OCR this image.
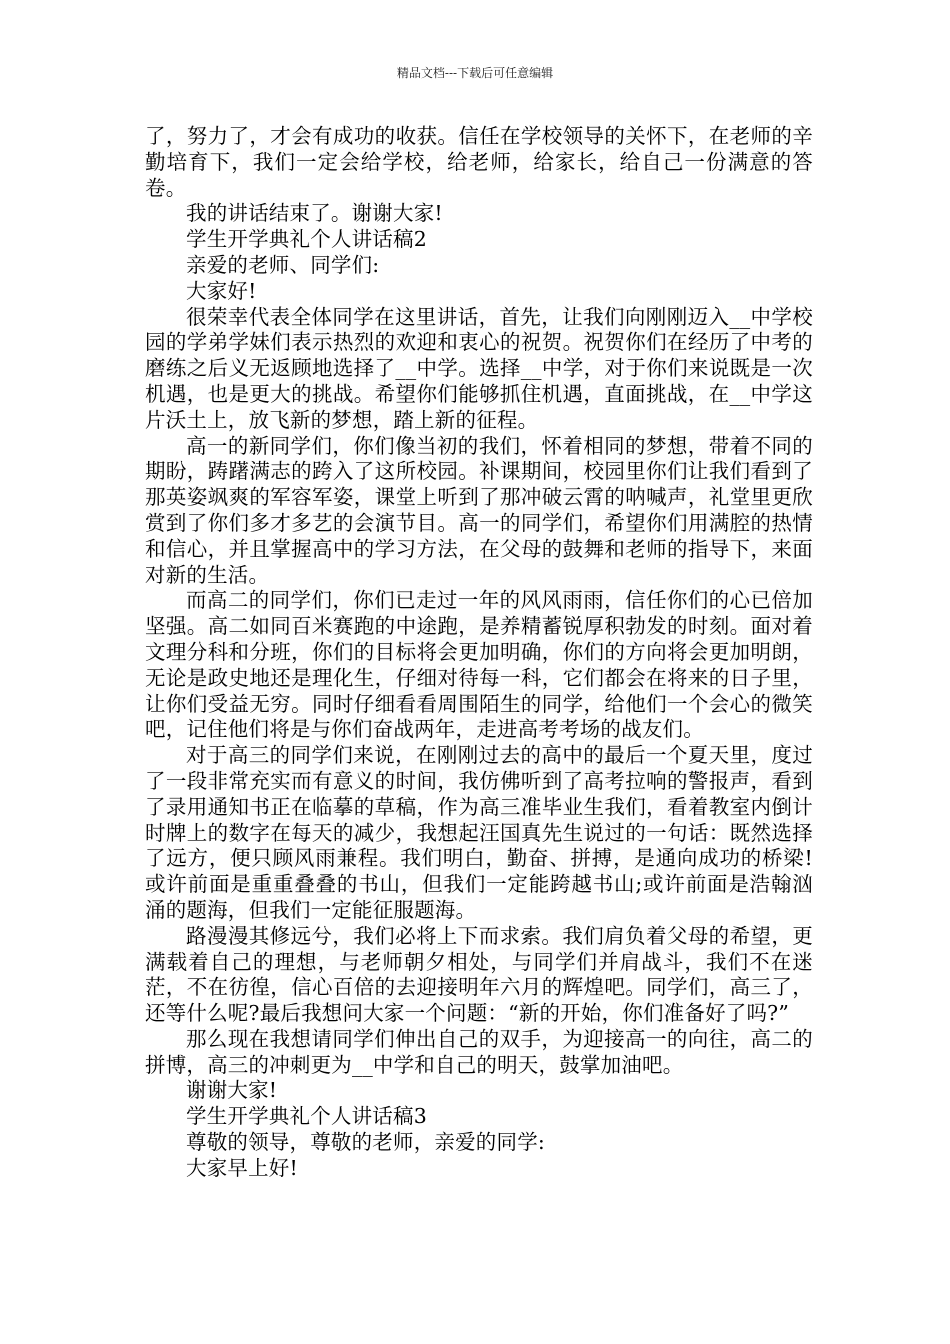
精品文档---下载后可任意编辑

了，努力了，才会有成功的收获。信任在学校领导的关怀下，在老师的辛勤培育下，我们一定会给学校，给老师，给家长，给自己一份满意的答卷。

我的讲话结束了。谢谢大家!

学生开学典礼个人讲话稿2

亲爱的老师、同学们:

大家好!

很荣幸代表全体同学在这里讲话，首先，让我们向刚刚迈入__中学校园的学弟学妹们表示热烈的欢迎和衷心的祝贺。祝贺你们在经历了中考的磨练之后义无返顾地选择了__中学。选择__中学，对于你们来说既是一次机遇，也是更大的挑战。希望你们能够抓住机遇，直面挑战，在__中学这片沃土上，放飞新的梦想，踏上新的征程。

高一的新同学们，你们像当初的我们，怀着相同的梦想，带着不同的期盼，踌躇满志的跨入了这所校园。补课期间，校园里你们让我们看到了那英姿飒爽的军容军姿，课堂上听到了那冲破云霄的呐喊声，礼堂里更欣赏到了你们多才多艺的会演节目。高一的同学们，希望你们用满腔的热情和信心，并且掌握高中的学习方法，在父母的鼓舞和老师的指导下，来面对新的生活。

而高二的同学们，你们已走过一年的风风雨雨，信任你们的心已倍加坚强。高二如同百米赛跑的中途跑，是养精蓄锐厚积勃发的时刻。面对着文理分科和分班，你们的目标将会更加明确，你们的方向将会更加明朗，无论是政史地还是理化生，仔细对待每一科，它们都会在将来的日子里，让你们受益无穷。同时仔细看看周围陌生的同学，给他们一个会心的微笑吧，记住他们将是与你们奋战两年，走进高考考场的战友们。

对于高三的同学们来说，在刚刚过去的高中的最后一个夏天里，度过了一段非常充实而有意义的时间，我仿佛听到了高考拉响的警报声，看到了录用通知书正在临摹的草稿，作为高三准毕业生我们，看着教室内倒计时牌上的数字在每天的减少，我想起汪国真先生说过的一句话：既然选择了远方，便只顾风雨兼程。我们明白，勤奋、拼搏，是通向成功的桥梁!或许前面是重重叠叠的书山，但我们一定能跨越书山;或许前面是浩翰汹涌的题海，但我们一定能征服题海。

路漫漫其修远兮，我们必将上下而求索。我们肩负着父母的希望，更满载着自己的理想，与老师朝夕相处，与同学们并肩战斗，我们不在迷茫，不在彷徨，信心百倍的去迎接明年六月的辉煌吧。同学们，高三了，还等什么呢?最后我想问大家一个问题：“新的开始，你们准备好了吗?”

那么现在我想请同学们伸出自己的双手，为迎接高一的向往，高二的拼博，高三的冲刺更为__中学和自己的明天，鼓掌加油吧。

谢谢大家!

学生开学典礼个人讲话稿3

尊敬的领导，尊敬的老师，亲爱的同学:

大家早上好!
